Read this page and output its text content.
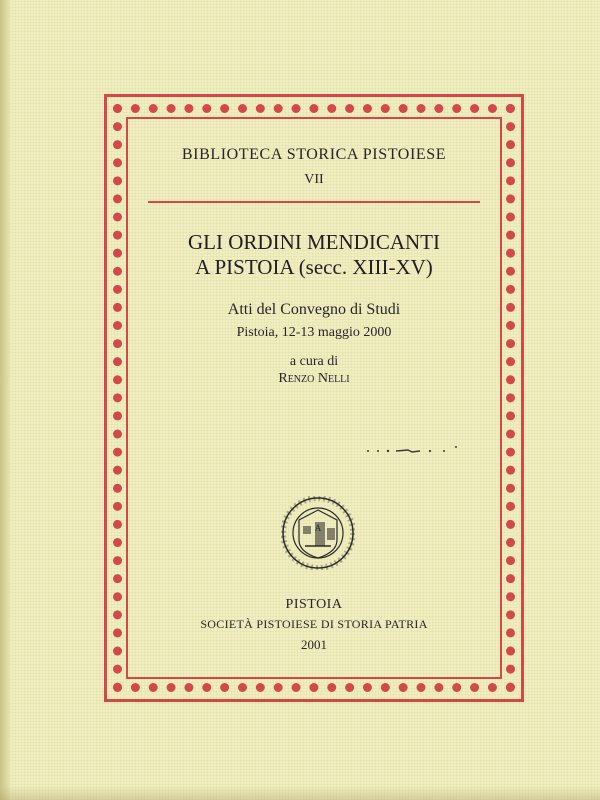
BIBLIOTECA STORICA PISTOIESE
VII
GLI ORDINI MENDICANTI
A PISTOIA (secc. XIII-XV)
Atti del Convegno di Studi
Pistoia, 12-13 maggio 2000
a cura di
Renzo Nelli
A
PISTOIA
SOCIETÀ PISTOIESE DI STORIA PATRIA
2001
